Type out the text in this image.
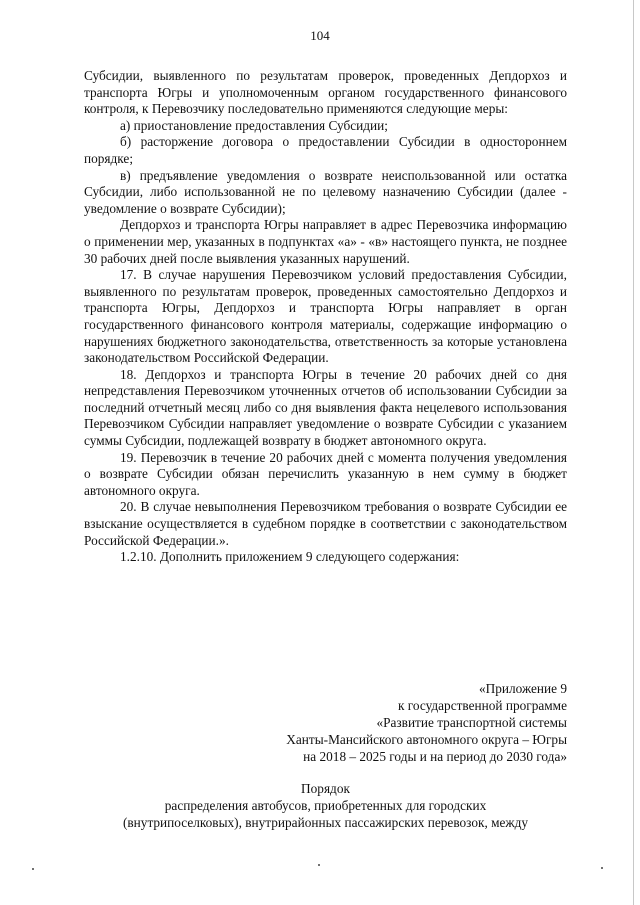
104

Субсидии, выявленного по результатам проверок, проведенных Депдорхоз и транспорта Югры и уполномоченным органом государственного финансового контроля, к Перевозчику последовательно применяются следующие меры:

а) приостановление предоставления Субсидии;

б) расторжение договора о предоставлении Субсидии в одностороннем порядке;

в) предъявление уведомления о возврате неиспользованной или остатка Субсидии, либо использованной не по целевому назначению Субсидии (далее - уведомление о возврате Субсидии);

Депдорхоз и транспорта Югры направляет в адрес Перевозчика информацию о применении мер, указанных в подпунктах «а» - «в» настоящего пункта, не позднее 30 рабочих дней после выявления указанных нарушений.

17. В случае нарушения Перевозчиком условий предоставления Субсидии, выявленного по результатам проверок, проведенных самостоятельно Депдорхоз и транспорта Югры, Депдорхоз и транспорта Югры направляет в орган государственного финансового контроля материалы, содержащие информацию о нарушениях бюджетного законодательства, ответственность за которые установлена законодательством Российской Федерации.

18. Депдорхоз и транспорта Югры в течение 20 рабочих дней со дня непредставления Перевозчиком уточненных отчетов об использовании Субсидии за последний отчетный месяц либо со дня выявления факта нецелевого использования Перевозчиком Субсидии направляет уведомление о возврате Субсидии с указанием суммы Субсидии, подлежащей возврату в бюджет автономного округа.

19. Перевозчик в течение 20 рабочих дней с момента получения уведомления о возврате Субсидии обязан перечислить указанную в нем сумму в бюджет автономного округа.

20. В случае невыполнения Перевозчиком требования о возврате Субсидии ее взыскание осуществляется в судебном порядке в соответствии с законодательством Российской Федерации.».

1.2.10. Дополнить приложением 9 следующего содержания:

«Приложение 9
к государственной программе
«Развитие транспортной системы
Ханты-Мансийского автономного округа – Югры
на 2018 – 2025 годы и на период до 2030 года»
Порядок
распределения автобусов, приобретенных для городских
(внутрипоселковых), внутрирайонных пассажирских перевозок, между
